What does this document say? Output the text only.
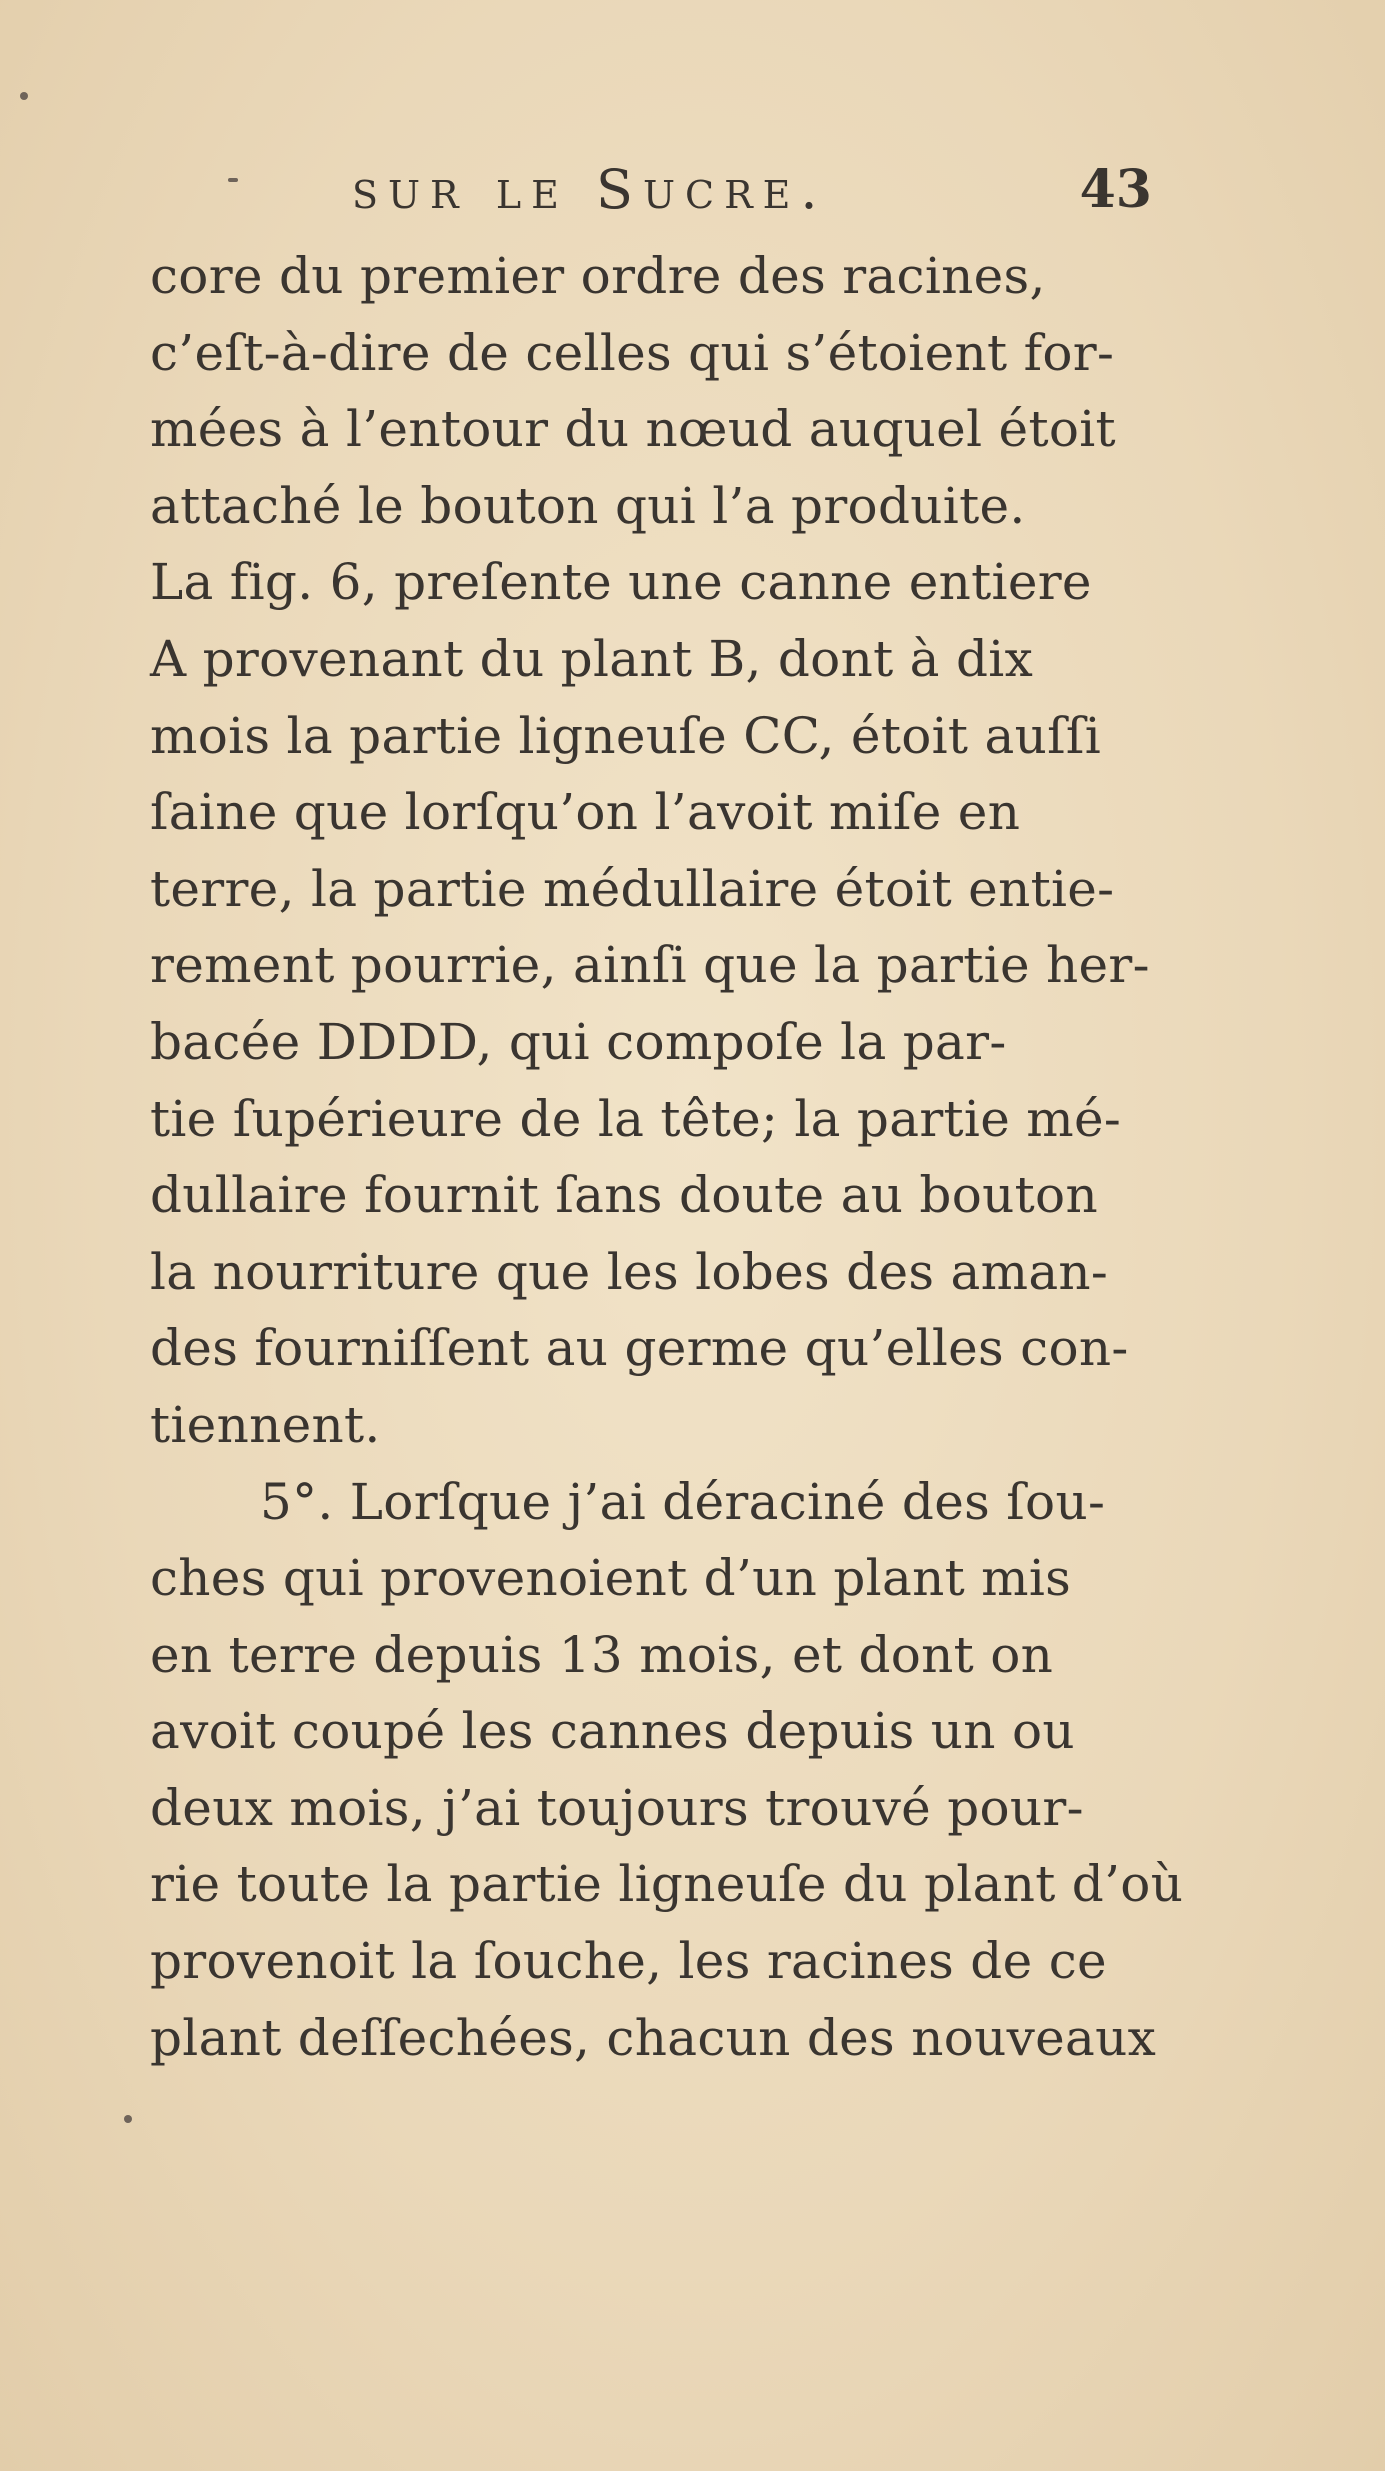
sur le Sucre.	43
core du premier ordre des racines,
c’eſt-à-dire de celles qui s’étoient for-
mées à l’entour du nœud auquel étoit
attaché le bouton qui l’a produite.
La fig. 6, preſente une canne entiere
A provenant du plant B, dont à dix
mois la partie ligneuſe CC, étoit auſſi
ſaine que lorſqu’on l’avoit miſe en
terre, la partie médullaire étoit entie-
rement pourrie, ainſi que la partie her-
bacée DDDD, qui compoſe la par-
tie ſupérieure de la tête; la partie mé-
dullaire fournit ſans doute au bouton
la nourriture que les lobes des aman-
des fourniſſent au germe qu’elles con-
tiennent.
5°. Lorſque j’ai déraciné des ſou-
ches qui provenoient d’un plant mis
en terre depuis 13 mois, et dont on
avoit coupé les cannes depuis un ou
deux mois, j’ai toujours trouvé pour-
rie toute la partie ligneuſe du plant d’où
provenoit la ſouche, les racines de ce
plant deſſechées, chacun des nouveaux
